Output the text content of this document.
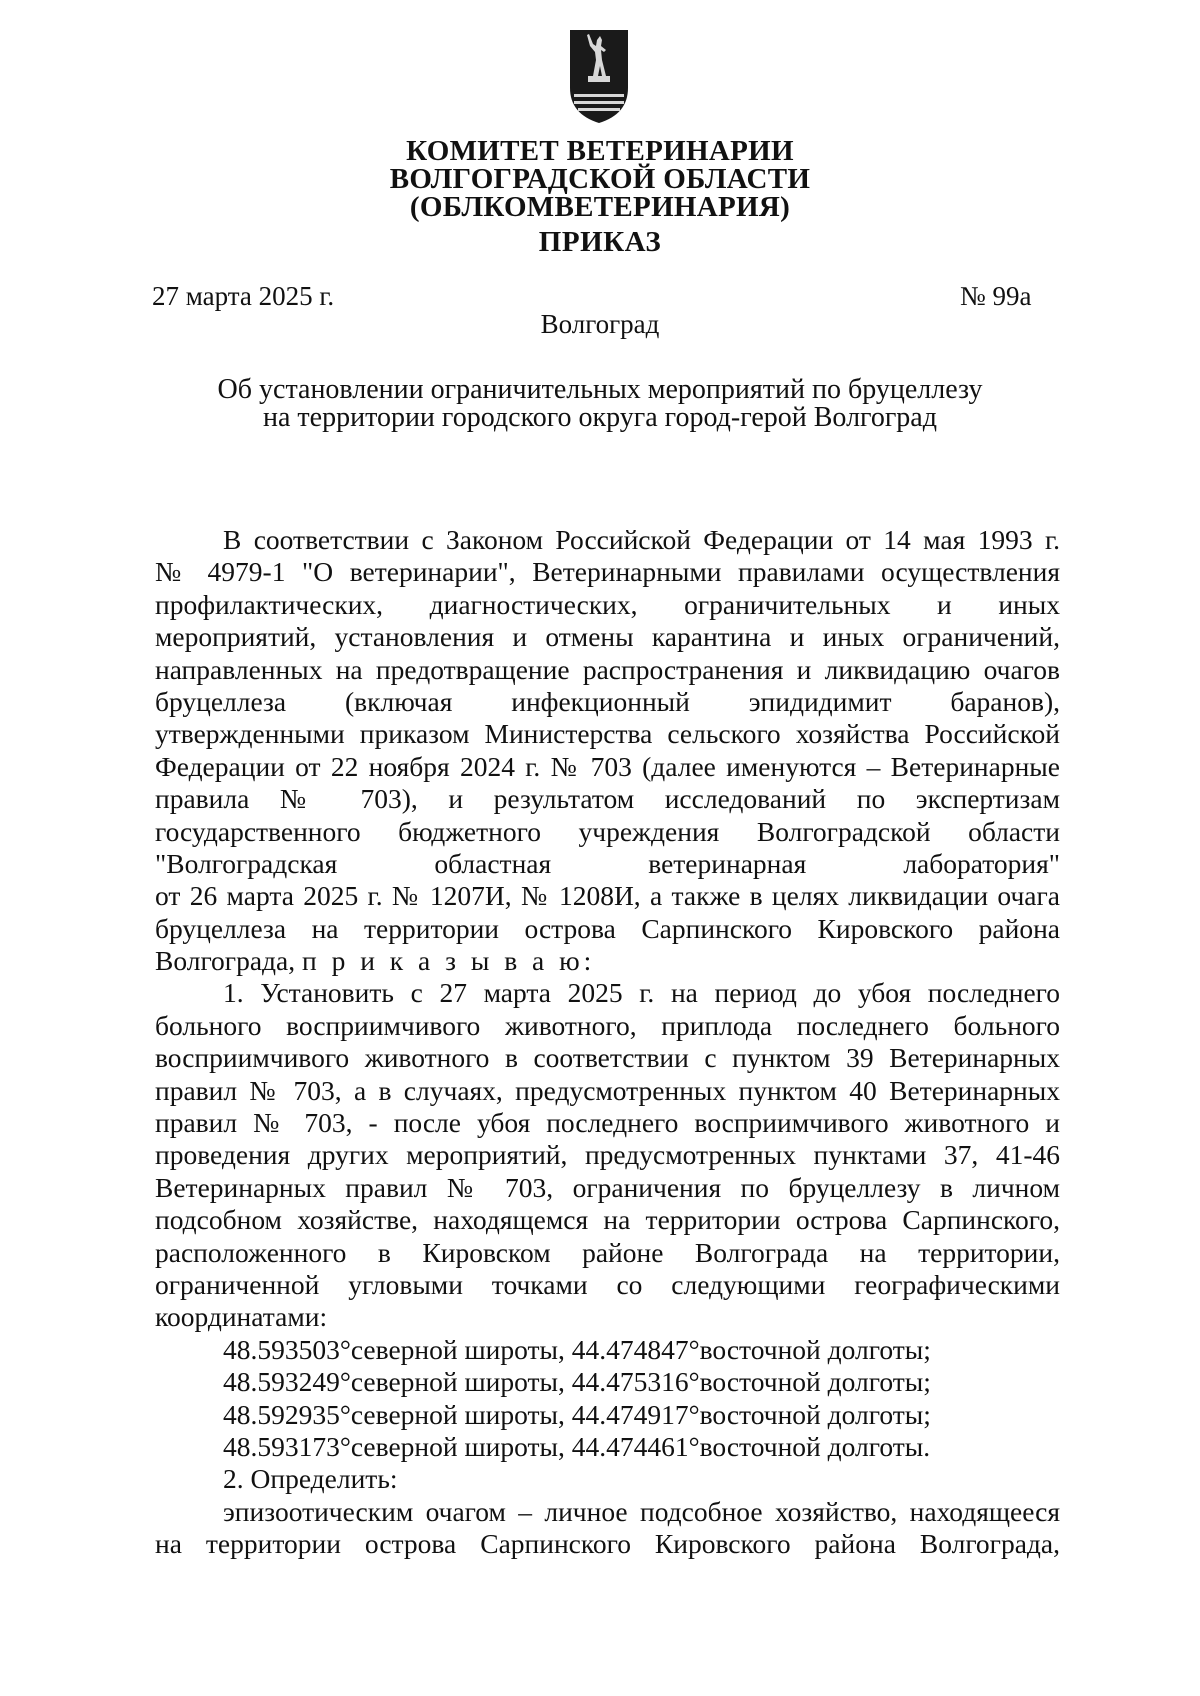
КОМИТЕТ ВЕТЕРИНАРИИ
ВОЛГОГРАДСКОЙ ОБЛАСТИ
(ОБЛКОМВЕТЕРИНАРИЯ)
ПРИКАЗ
27 марта 2025 г.	№ 99а
Волгоград
Об установлении ограничительных мероприятий по бруцеллезу
на территории городского округа город-герой Волгоград
В соответствии с Законом Российской Федерации от 14 мая 1993 г.
№ 4979-1 "О ветеринарии", Ветеринарными правилами осуществления
профилактических, диагностических, ограничительных и иных
мероприятий, установления и отмены карантина и иных ограничений,
направленных на предотвращение распространения и ликвидацию очагов
бруцеллеза (включая инфекционный эпидидимит баранов),
утвержденными приказом Министерства сельского хозяйства Российской
Федерации от 22 ноября 2024 г. № 703 (далее именуются – Ветеринарные
правила № 703), и результатом исследований по экспертизам
государственного бюджетного учреждения Волгоградской области
"Волгоградская областная ветеринарная лаборатория"
от 26 марта 2025 г. № 1207И, № 1208И, а также в целях ликвидации очага
бруцеллеза на территории острова Сарпинского Кировского района
Волгограда, п р и к а з ы в а ю:
1. Установить с 27 марта 2025 г. на период до убоя последнего
больного восприимчивого животного, приплода последнего больного
восприимчивого животного в соответствии с пунктом 39 Ветеринарных
правил № 703, а в случаях, предусмотренных пунктом 40 Ветеринарных
правил № 703, - после убоя последнего восприимчивого животного и
проведения других мероприятий, предусмотренных пунктами 37, 41-46
Ветеринарных правил № 703, ограничения по бруцеллезу в личном
подсобном хозяйстве, находящемся на территории острова Сарпинского,
расположенного в Кировском районе Волгограда на территории,
ограниченной угловыми точками со следующими географическими
координатами:
48.593503°северной широты, 44.474847°восточной долготы;
48.593249°северной широты, 44.475316°восточной долготы;
48.592935°северной широты, 44.474917°восточной долготы;
48.593173°северной широты, 44.474461°восточной долготы.
2. Определить:
эпизоотическим очагом – личное подсобное хозяйство, находящееся
на территории острова Сарпинского Кировского района Волгограда,
